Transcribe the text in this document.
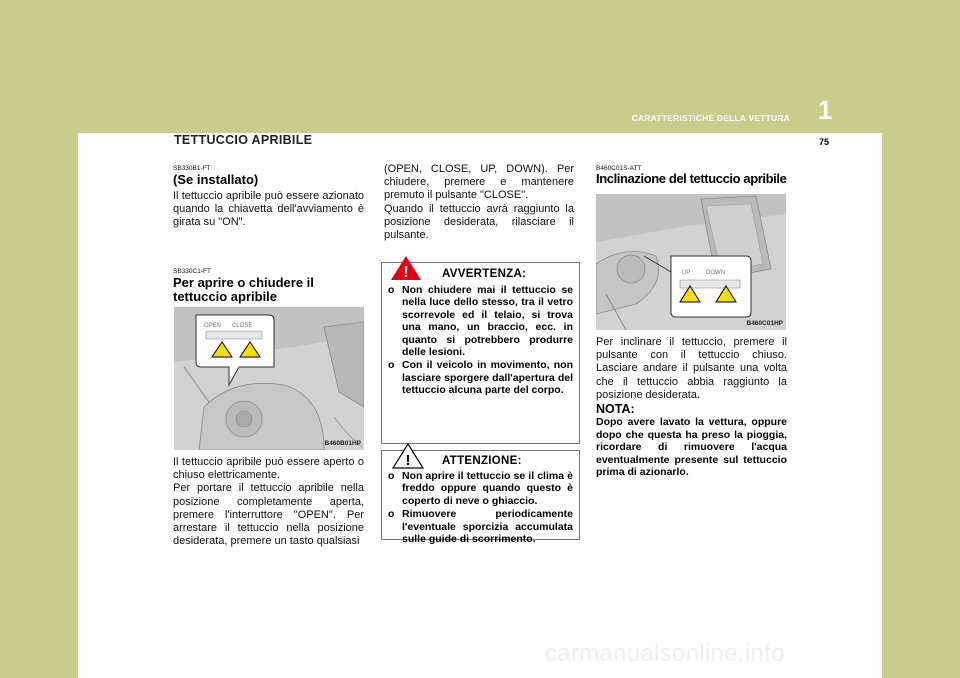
CARATTERISTICHE DELLA VETTURA	1
75
TETTUCCIO APRIBILE
SB330B1-FT
(Se installato)
Il tettuccio apribile può essere azionato quando la chiavetta dell'avviamento è girata su "ON".
SB330C1-FT
Per aprire o chiudere il tettuccio apribile
OPEN CLOSE
B460B01HP

Il tettuccio apribile può essere aperto o chiuso elettricamente.

Per portare il tettuccio apribile nella posizione completamente aperta, premere l'interruttore "OPEN". Per arrestare il tettuccio nella posizione desiderata, premere un tasto qualsiasi

(OPEN, CLOSE, UP, DOWN). Per chiudere, premere e mantenere premuto il pulsante "CLOSE".

Quando il tettuccio avrà raggiunto la posizione desiderata, rilasciare il pulsante.

!	AVVERTENZA:
o Non chiudere mai il tettuccio se nella luce dello stesso, tra il vetro scorrevole ed il telaio, si trova una mano, un braccio, ecc. in quanto si potrebbero produrre delle lesioni.
o Con il veicolo in movimento, non lasciare sporgere dall'apertura del tettuccio alcuna parte del corpo.
!	ATTENZIONE:
o Non aprire il tettuccio se il clima è freddo oppure quando questo è coperto di neve o ghiaccio.
o Rimuovere periodicamente l'eventuale sporcizia accumulata sulle guide di scorrimento.
B460C01S-ATT
Inclinazione del tettuccio apribile
UP	DOWN
B460C01HP
Per inclinare il tettuccio, premere il pulsante con il tettuccio chiuso. Lasciare andare il pulsante una volta che il tettuccio abbia raggiunto la posizione desiderata.
NOTA:
Dopo avere lavato la vettura, oppure dopo che questa ha preso la pioggia, ricordare di rimuovere l'acqua eventualmente presente sul tettuccio prima di azionarlo.
carmanualsonline.info
